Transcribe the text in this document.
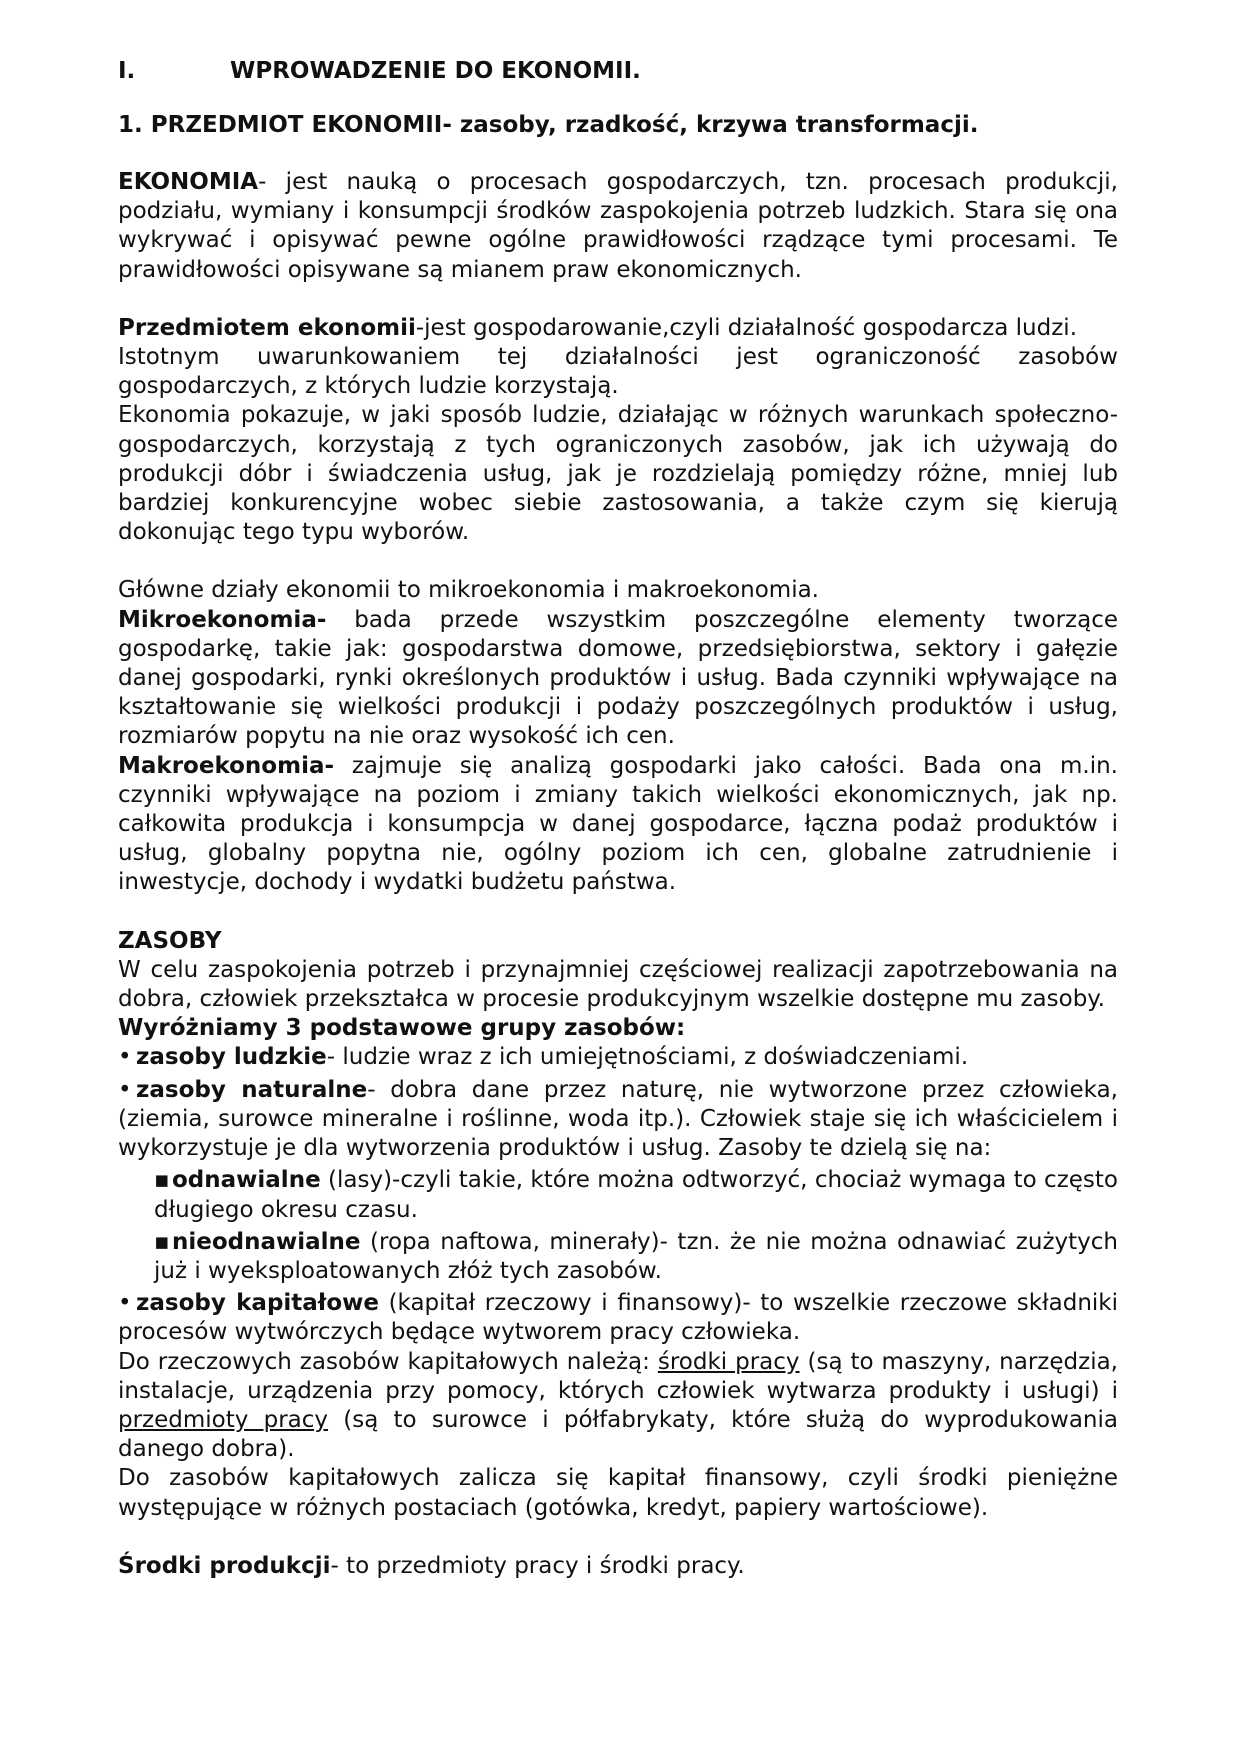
I.	WPROWADZENIE DO EKONOMII.
1. PRZEDMIOT EKONOMII- zasoby, rzadkość, krzywa transformacji.

EKONOMIA- jest nauką o procesach gospodarczych, tzn. procesach produkcji, podziału, wymiany i konsumpcji środków zaspokojenia potrzeb ludzkich. Stara się ona wykrywać i opisywać pewne ogólne prawidłowości rządzące tymi procesami. Te prawidłowości opisywane są mianem praw ekonomicznych.

Przedmiotem ekonomii-jest gospodarowanie,czyli działalność gospodarcza ludzi.

Istotnym uwarunkowaniem tej działalności jest ograniczoność zasobów gospodarczych, z których ludzie korzystają.

Ekonomia pokazuje, w jaki sposób ludzie, działając w różnych warunkach społeczno-gospodarczych, korzystają z tych ograniczonych zasobów, jak ich używają do produkcji dóbr i świadczenia usług, jak je rozdzielają pomiędzy różne, mniej lub bardziej konkurencyjne wobec siebie zastosowania, a także czym się kierują dokonując tego typu wyborów.

Główne działy ekonomii to mikroekonomia i makroekonomia.

Mikroekonomia- bada przede wszystkim poszczególne elementy tworzące gospodarkę, takie jak: gospodarstwa domowe, przedsiębiorstwa, sektory i gałęzie danej gospodarki, rynki określonych produktów i usług. Bada czynniki wpływające na kształtowanie się wielkości produkcji i podaży poszczególnych produktów i usług, rozmiarów popytu na nie oraz wysokość ich cen.

Makroekonomia- zajmuje się analizą gospodarki jako całości. Bada ona m.in. czynniki wpływające na poziom i zmiany takich wielkości ekonomicznych, jak np. całkowita produkcja i konsumpcja w danej gospodarce, łączna podaż produktów i usług, globalny popytna nie, ogólny poziom ich cen, globalne zatrudnienie i inwestycje, dochody i wydatki budżetu państwa.

ZASOBY

W celu zaspokojenia potrzeb i przynajmniej częściowej realizacji zapotrzebowania na dobra, człowiek przekształca w procesie produkcyjnym wszelkie dostępne mu zasoby.

Wyróżniamy 3 podstawowe grupy zasobów:

• zasoby ludzkie- ludzie wraz z ich umiejętnościami, z doświadczeniami.

• zasoby naturalne- dobra dane przez naturę, nie wytworzone przez człowieka, (ziemia, surowce mineralne i roślinne, woda itp.). Człowiek staje się ich właścicielem i wykorzystuje je dla wytworzenia produktów i usług. Zasoby te dzielą się na:

▪ odnawialne (lasy)-czyli takie, które można odtworzyć, chociaż wymaga to często długiego okresu czasu.

▪ nieodnawialne (ropa naftowa, minerały)- tzn. że nie można odnawiać zużytych już i wyeksploatowanych złóż tych zasobów.

• zasoby kapitałowe (kapitał rzeczowy i finansowy)- to wszelkie rzeczowe składniki procesów wytwórczych będące wytworem pracy człowieka.

Do rzeczowych zasobów kapitałowych należą: środki pracy (są to maszyny, narzędzia, instalacje, urządzenia przy pomocy, których człowiek wytwarza produkty i usługi) i przedmioty pracy (są to surowce i półfabrykaty, które służą do wyprodukowania danego dobra).

Do zasobów kapitałowych zalicza się kapitał finansowy, czyli środki pieniężne występujące w różnych postaciach (gotówka, kredyt, papiery wartościowe).

Środki produkcji- to przedmioty pracy i środki pracy.
